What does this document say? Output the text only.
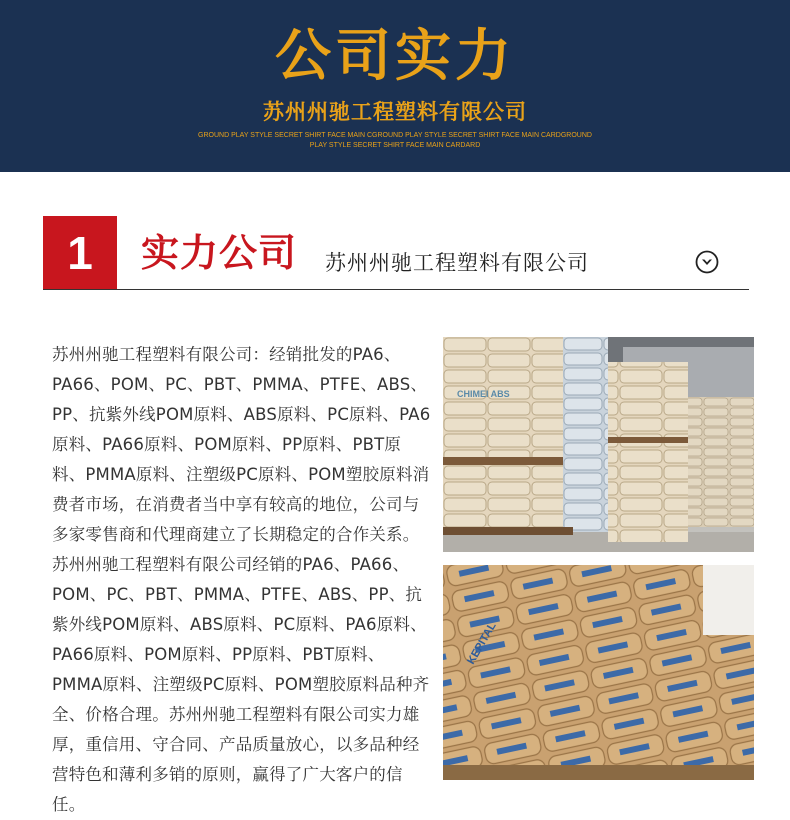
公司实力
苏州州驰工程塑料有限公司
GROUND PLAY STYLE SECRET SHIRT FACE MAIN CGROUND PLAY STYLE SECRET SHIRT FACE MAIN CARDGROUND PLAY STYLE SECRET SHIRT FACE MAIN CARDARD
1	实力公司 苏州州驰工程塑料有限公司

苏州州驰工程塑料有限公司：经销批发的PA6、PA66、POM、PC、PBT、PMMA、PTFE、ABS、PP、抗紫外线POM原料、ABS原料、PC原料、PA6原料、PA66原料、POM原料、PP原料、PBT原料、PMMA原料、注塑级PC原料、POM塑胶原料消费者市场，在消费者当中享有较高的地位，公司与多家零售商和代理商建立了长期稳定的合作关系。苏州州驰工程塑料有限公司经销的PA6、PA66、POM、PC、PBT、PMMA、PTFE、ABS、PP、抗紫外线POM原料、ABS原料、PC原料、PA6原料、PA66原料、POM原料、PP原料、PBT原料、PMMA原料、注塑级PC原料、POM塑胶原料品种齐全、价格合理。苏州州驰工程塑料有限公司实力雄厚，重信用、守合同、产品质量放心，以多品种经营特色和薄利多销的原则，赢得了广大客户的信任。

CHIMEI ABS
KEPITAL
